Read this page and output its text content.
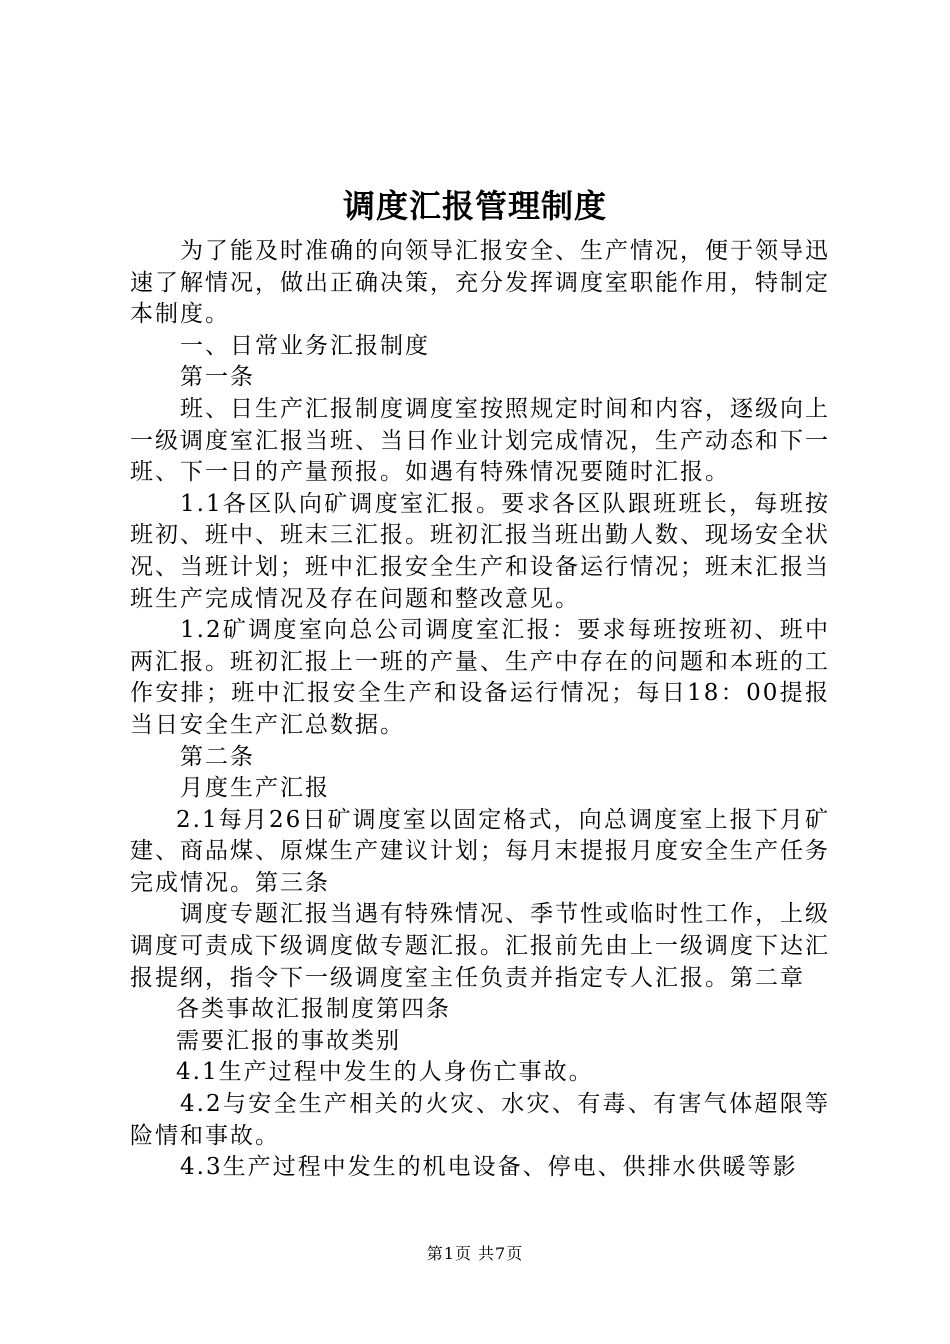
调度汇报管理制度

为了能及时准确的向领导汇报安全、生产情况，便于领导迅速了解情况，做出正确决策，充分发挥调度室职能作用，特制定本制度。

一、日常业务汇报制度

第一条

班、日生产汇报制度调度室按照规定时间和内容，逐级向上一级调度室汇报当班、当日作业计划完成情况，生产动态和下一班、下一日的产量预报。如遇有特殊情况要随时汇报。

1.1各区队向矿调度室汇报。要求各区队跟班班长，每班按班初、班中、班末三汇报。班初汇报当班出勤人数、现场安全状况、当班计划；班中汇报安全生产和设备运行情况；班末汇报当班生产完成情况及存在问题和整改意见。

1.2矿调度室向总公司调度室汇报：要求每班按班初、班中两汇报。班初汇报上一班的产量、生产中存在的问题和本班的工作安排；班中汇报安全生产和设备运行情况；每日18：00提报当日安全生产汇总数据。

第二条

月度生产汇报

2.1每月26日矿调度室以固定格式，向总调度室上报下月矿建、商品煤、原煤生产建议计划；每月末提报月度安全生产任务完成情况。第三条

调度专题汇报当遇有特殊情况、季节性或临时性工作，上级调度可责成下级调度做专题汇报。汇报前先由上一级调度下达汇报提纲，指令下一级调度室主任负责并指定专人汇报。第二章

各类事故汇报制度第四条

需要汇报的事故类别

4.1生产过程中发生的人身伤亡事故。

4.2与安全生产相关的火灾、水灾、有毒、有害气体超限等险情和事故。

4.3生产过程中发生的机电设备、停电、供排水供暖等影

第1页 共7页
